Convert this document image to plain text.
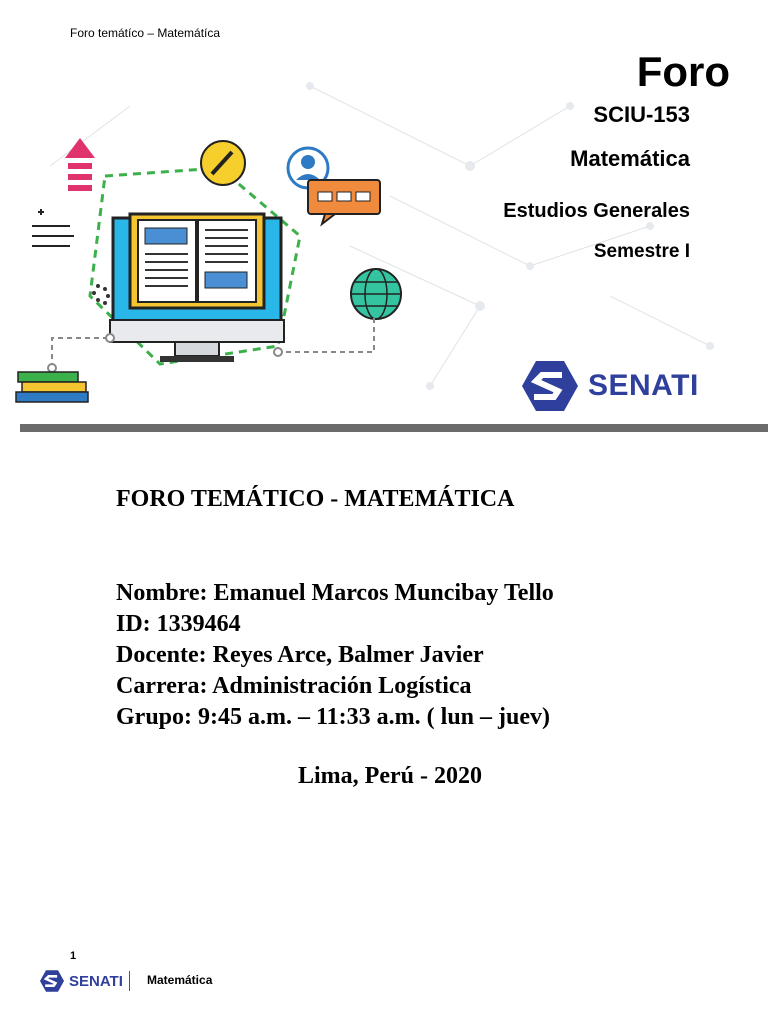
Foro temátíco – Matemátíca
Foro
SCIU-153
Matemática
Estudios Generales
Semestre I
SENATI
FORO TEMÁTICO - MATEMÁTICA
Nombre: Emanuel Marcos Muncibay Tello
ID: 1339464
Docente: Reyes Arce, Balmer Javier
Carrera: Administración Logística
Grupo: 9:45 a.m. – 11:33 a.m. ( lun – juev)
Lima, Perú - 2020
1
SENATI Matemática
